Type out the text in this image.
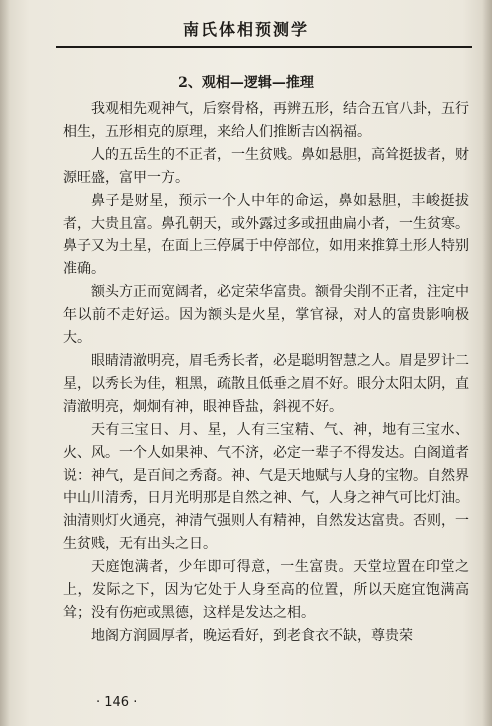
南氏体相预测学
2、观相—逻辑—推理

我观相先观神气，后察骨格，再辨五形，结合五官八卦，五行相生，五形相克的原理，来给人们推断吉凶祸福。

人的五岳生的不正者，一生贫贱。鼻如悬胆，高耸挺拔者，财源旺盛，富甲一方。

鼻子是财星，预示一个人中年的命运，鼻如悬胆，丰峻挺拔者，大贵且富。鼻孔朝天，或外露过多或扭曲扁小者，一生贫寒。鼻子又为土星，在面上三停属于中停部位，如用来推算土形人特别准确。

额头方正而宽阔者，必定荣华富贵。额骨尖削不正者，注定中年以前不走好运。因为额头是火星，掌官禄，对人的富贵影响极大。

眼睛清澈明亮，眉毛秀长者，必是聪明智慧之人。眉是罗计二星，以秀长为佳，粗黑，疏散且低垂之眉不好。眼分太阳太阴，直清澈明亮，炯炯有神，眼神昏盐，斜视不好。

天有三宝日、月、星，人有三宝精、气、神，地有三宝水、火、风。一个人如果神、气不济，必定一辈子不得发达。白阁道者说：神气，是百间之秀裔。神、气是天地赋与人身的宝物。自然界中山川清秀，日月光明那是自然之神、气，人身之神气可比灯油。油清则灯火通亮，神清气强则人有精神，自然发达富贵。否则，一生贫贱，无有出头之日。

天庭饱满者，少年即可得意，一生富贵。天堂垃置在印堂之上，发际之下，因为它处于人身至高的位置，所以天庭宜饱满高耸；没有伤疤或黑德，这样是发达之相。

地阁方润圆厚者，晚运看好，到老食衣不缺，尊贵荣

· 146 ·
